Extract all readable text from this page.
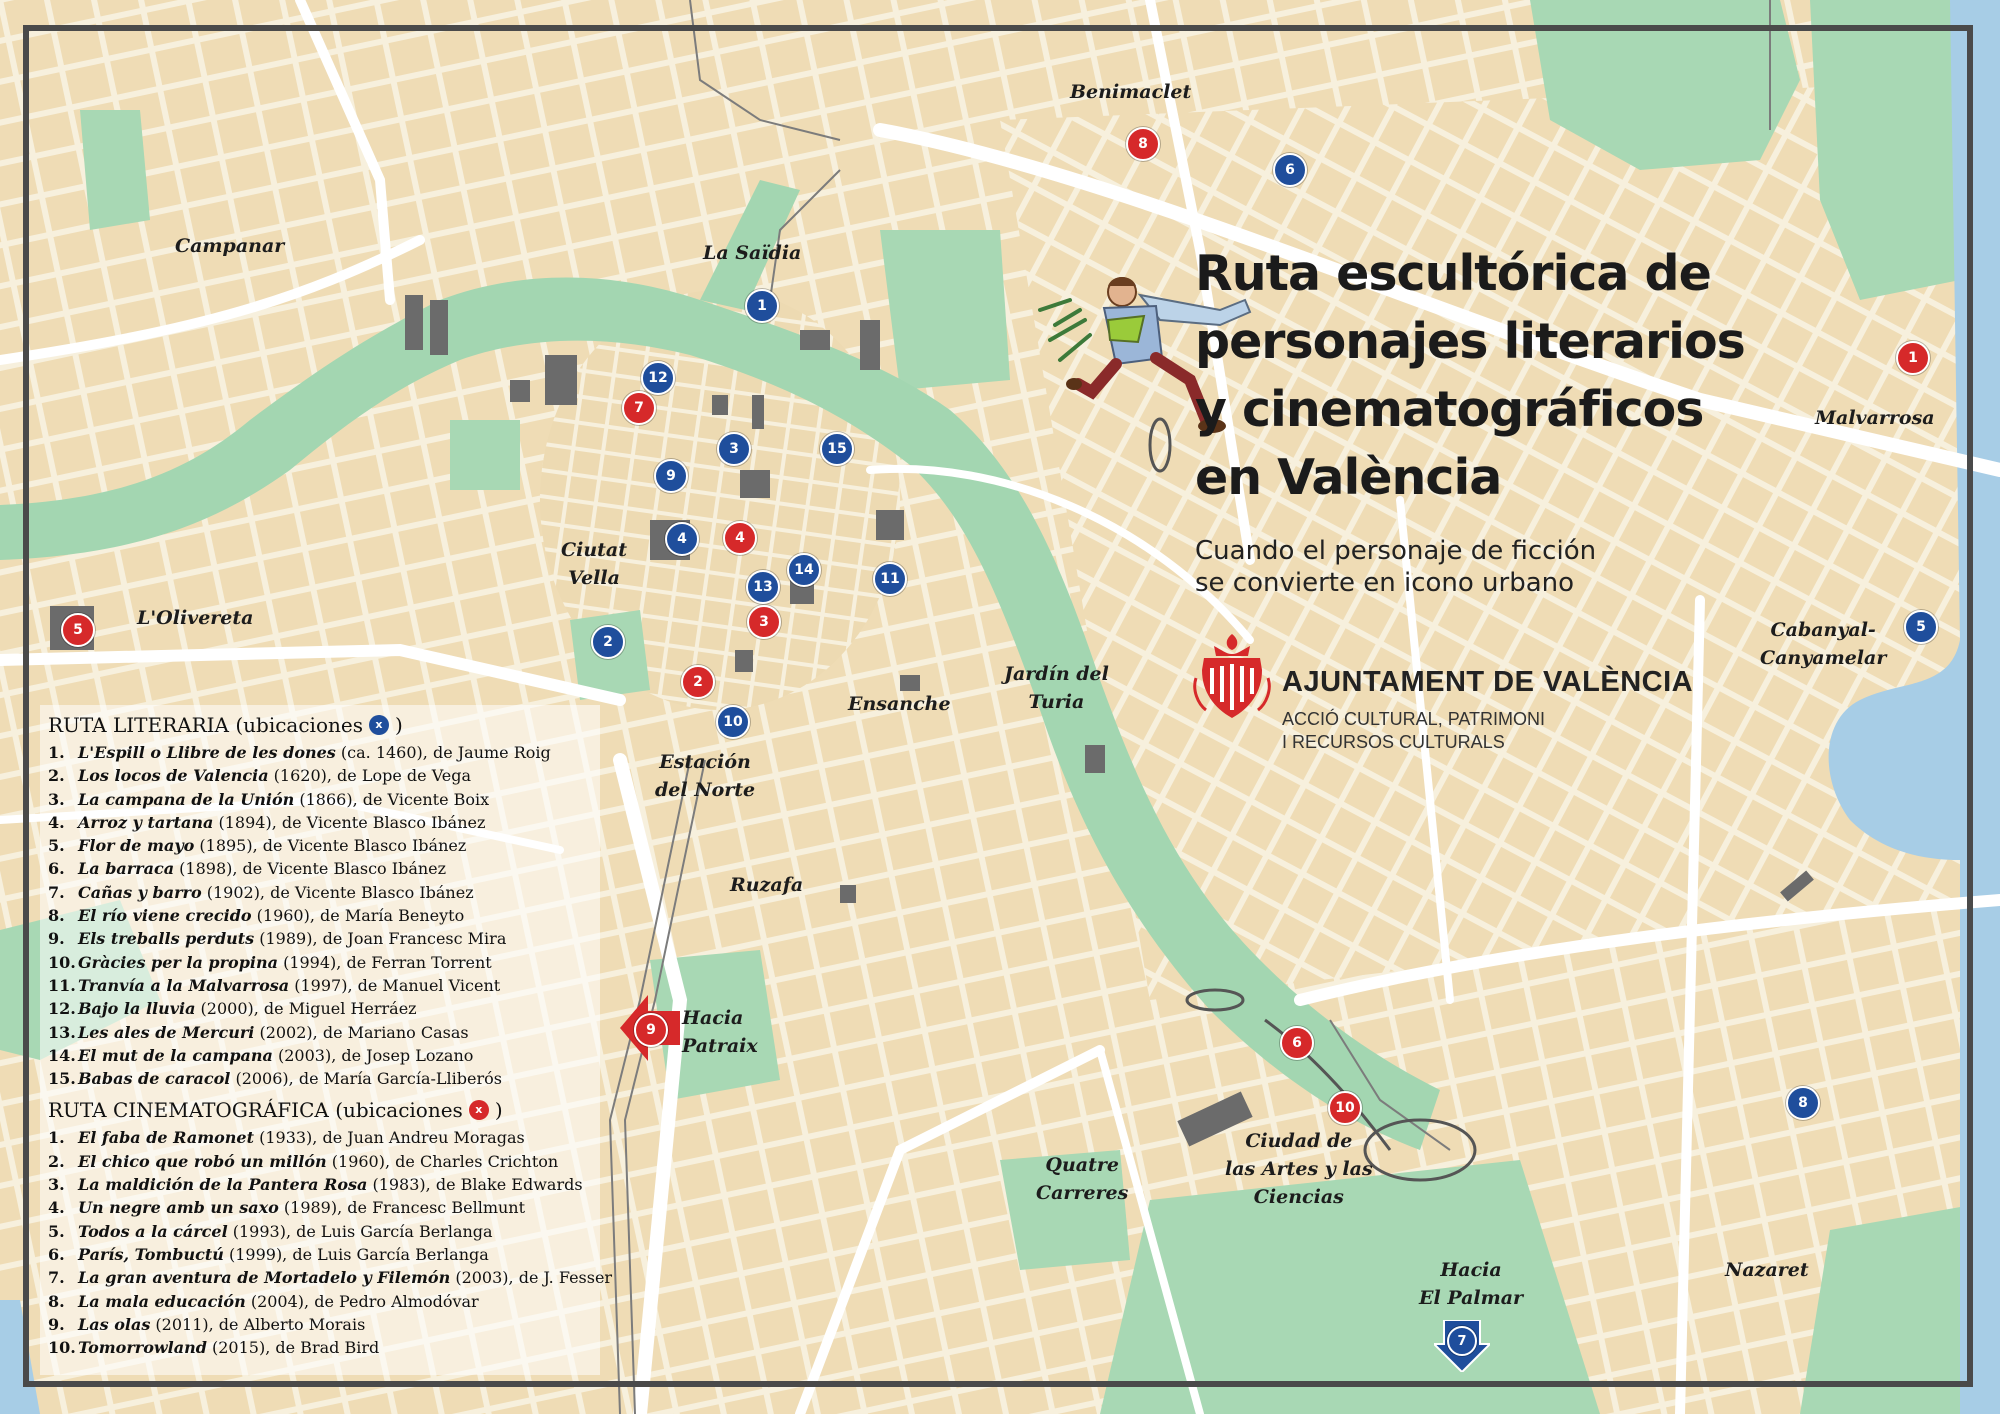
Benimaclet
Campanar	La Saïdia
Malvarrosa
Ciutat
Vella
L'Olivereta
Cabanyal-
Canyamelar
Jardín del
Turia
Ensanche
Estación
del Norte
Ruzafa
Quatre
Carreres
Ciudad de
las Artes y las
Ciencias
Nazaret
9
Hacia
Patraix
Hacia
El Palmar
7
1
2
3
4
5
6
8
9
10
11
12
13
14
15
1
2
3
4
5
6
7
8
10
Ruta escultórica de
personajes literarios
y cinematográficos
en València
Cuando el personaje de ficción
se convierte en icono urbano
AJUNTAMENT DE VALÈNCIA
ACCIÓ CULTURAL, PATRIMONI
I RECURSOS CULTURALS
RUTA LITERARIA (ubicaciones	x )
1. L'Espill o Llibre de les dones (ca. 1460), de Jaume Roig
2. Los locos de Valencia (1620), de Lope de Vega
3. La campana de la Unión (1866), de Vicente Boix
4. Arroz y tartana (1894), de Vicente Blasco Ibánez
5. Flor de mayo (1895), de Vicente Blasco Ibánez
6. La barraca (1898), de Vicente Blasco Ibánez
7. Cañas y barro (1902), de Vicente Blasco Ibánez
8. El río viene crecido (1960), de María Beneyto
9. Els treballs perduts (1989), de Joan Francesc Mira
10. Gràcies per la propina (1994), de Ferran Torrent
11. Tranvía a la Malvarrosa (1997), de Manuel Vicent
12. Bajo la lluvia (2000), de Miguel Herráez
13. Les ales de Mercuri (2002), de Mariano Casas
14. El mut de la campana (2003), de Josep Lozano
15. Babas de caracol (2006), de María García-Lliberós
RUTA CINEMATOGRÁFICA (ubicaciones	x )
1. El faba de Ramonet (1933), de Juan Andreu Moragas
2. El chico que robó un millón (1960), de Charles Crichton
3. La maldición de la Pantera Rosa (1983), de Blake Edwards
4. Un negre amb un saxo (1989), de Francesc Bellmunt
5. Todos a la cárcel (1993), de Luis García Berlanga
6. París, Tombuctú (1999), de Luis García Berlanga
7. La gran aventura de Mortadelo y Filemón (2003), de J. Fesser
8. La mala educación (2004), de Pedro Almodóvar
9. Las olas (2011), de Alberto Morais
10. Tomorrowland (2015), de Brad Bird
